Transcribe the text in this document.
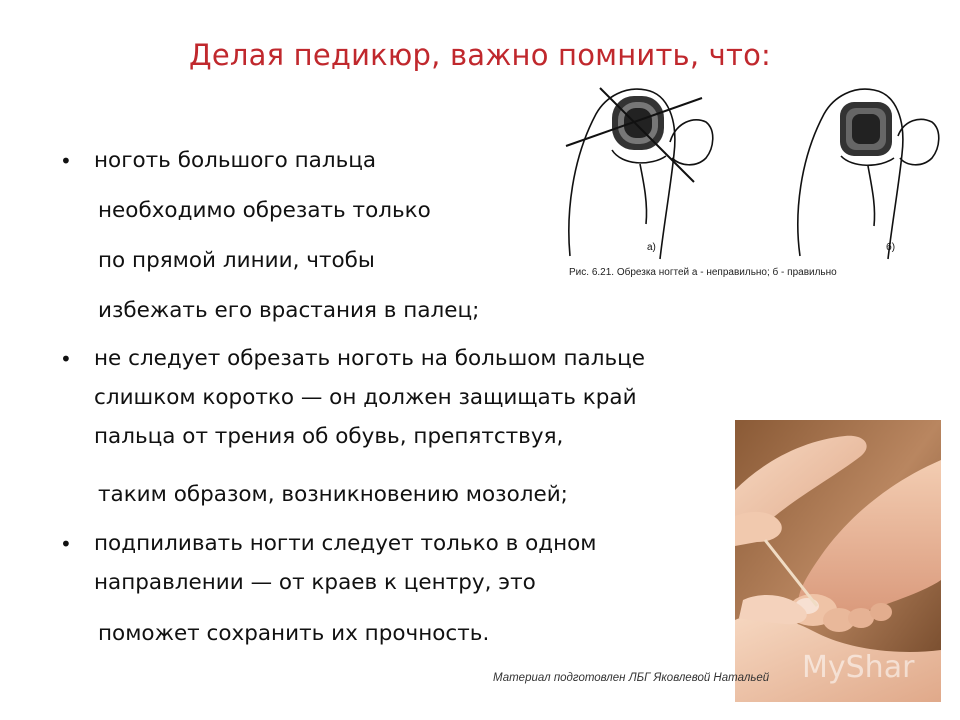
Делая педикюр, важно помнить, что:
• ноготь большого пальца
необходимо обрезать только
по прямой линии, чтобы
избежать его врастания в палец;
• не следует обрезать ноготь на большом пальце
слишком коротко — он должен защищать край
пальца от трения об обувь, препятствуя,
таким образом, возникновению мозолей;
• подпиливать ногти следует только в одном
направлении — от краев к центру, это
поможет сохранить их прочность.
а)	б)
Рис. 6.21. Обрезка ногтей а - неправильно; б - правильно
MyShar
Материал подготовлен ЛБГ Яковлевой Натальей
